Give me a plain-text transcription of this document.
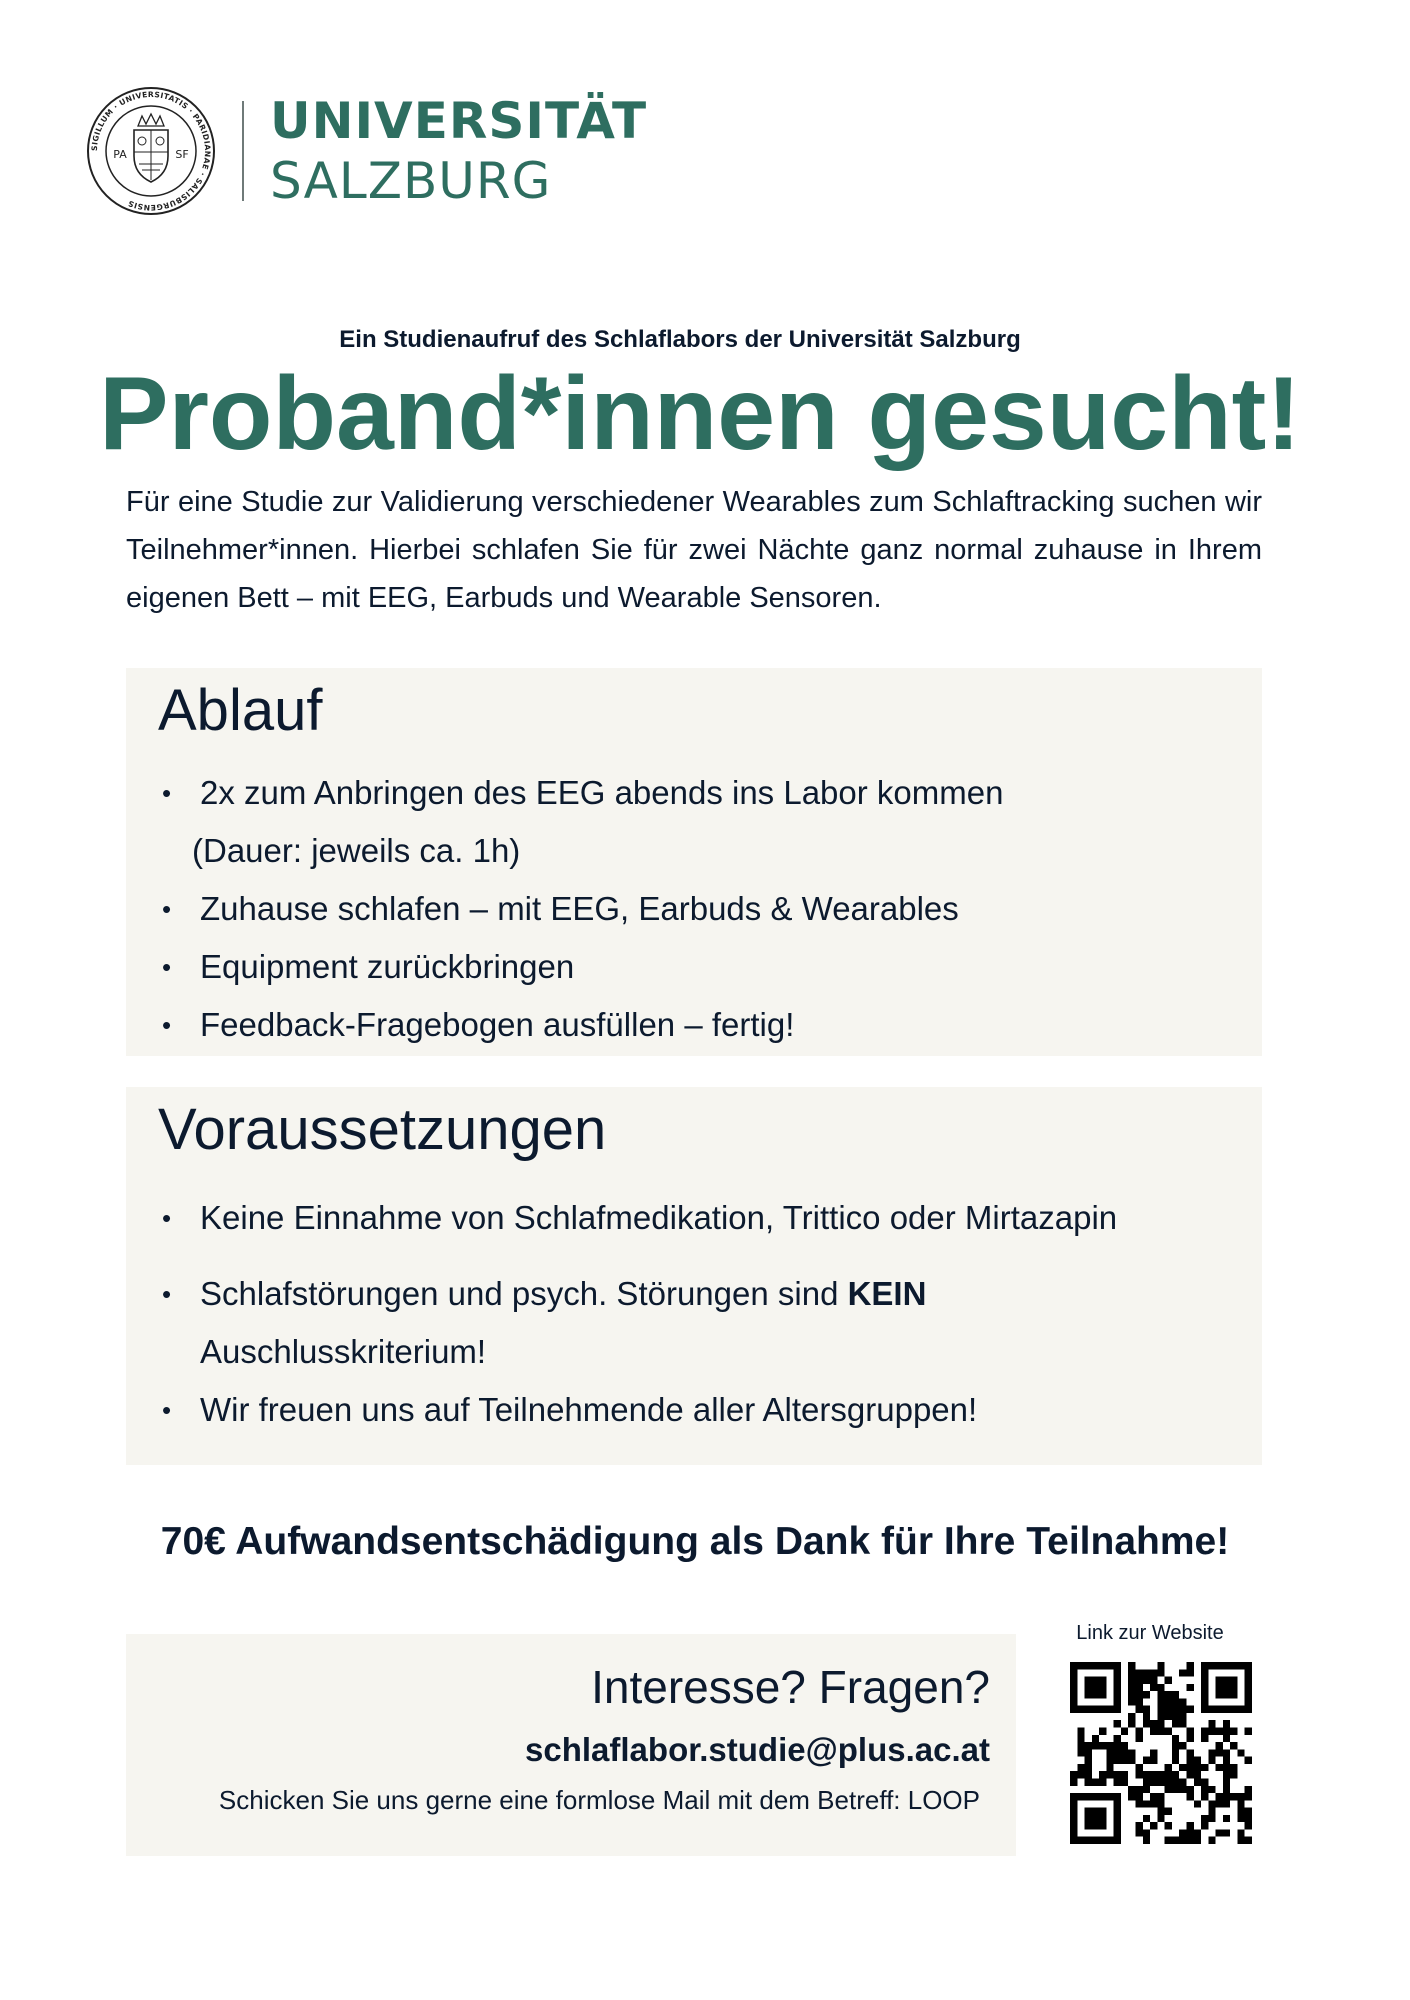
SIGILLUM · UNIVERSITATIS · PARIDIANAE · SALISBURGENSIS
PA	SF
UNIVERSITÄT
SALZBURG
Ein Studienaufruf des Schlaflabors der Universität Salzburg
Proband*innen gesucht!
Für eine Studie zur Validierung verschiedener Wearables zum Schlaftracking suchen wir Teilnehmer*innen. Hierbei schlafen Sie für zwei Nächte ganz normal zuhause in Ihrem eigenen Bett – mit EEG, Earbuds und Wearable Sensoren.
Ablauf
• 2x zum Anbringen des EEG abends ins Labor kommen
(Dauer: jeweils ca. 1h)
• Zuhause schlafen – mit EEG, Earbuds & Wearables
• Equipment zurückbringen
• Feedback-Fragebogen ausfüllen – fertig!
Voraussetzungen
• Keine Einnahme von Schlafmedikation, Trittico oder Mirtazapin
• Schlafstörungen und psych. Störungen sind KEIN
Auschlusskriterium!
• Wir freuen uns auf Teilnehmende aller Altersgruppen!
70€ Aufwandsentschädigung als Dank für Ihre Teilnahme!
Interesse? Fragen?
schlaflabor.studie@plus.ac.at
Schicken Sie uns gerne eine formlose Mail mit dem Betreff: LOOP
Link zur Website
